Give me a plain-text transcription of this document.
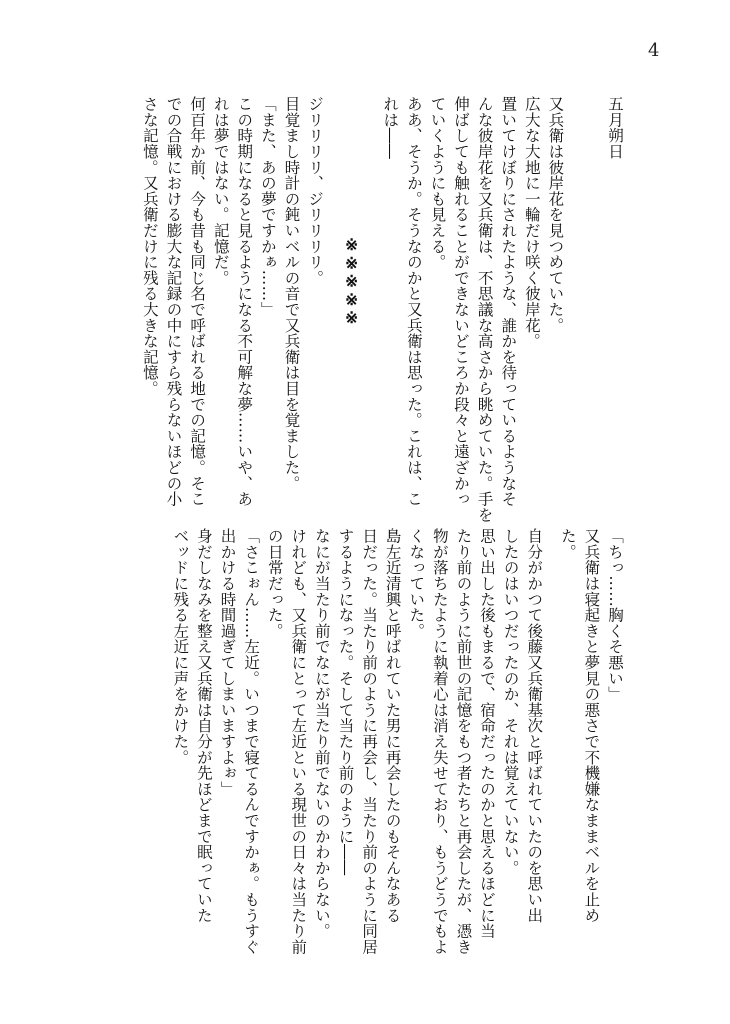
4
五月朔日
又兵衛は彼岸花を見つめていた。
広大な大地に一輪だけ咲く彼岸花。
置いてけぼりにされたような、誰かを待っているようなそ
んな彼岸花を又兵衛は、不思議な高さから眺めていた。手を
伸ばしても触れることができないどころか段々と遠ざかっ
ていくようにも見える。
ああ、そうか。そうなのかと又兵衛は思った。これは、こ
れは――
※※※※※
ジリリリリ、ジリリリリ。
目覚まし時計の鈍いベルの音で又兵衛は目を覚ました。
「また、あの夢ですかぁ……」
この時期になると見るようになる不可解な夢……いや、あ
れは夢ではない。記憶だ。
何百年か前、今も昔も同じ名で呼ばれる地での記憶。そこ
での合戦における膨大な記録の中にすら残らないほどの小
さな記憶。又兵衛だけに残る大きな記憶。
「ちっ……胸くそ悪い」
又兵衛は寝起きと夢見の悪さで不機嫌なままベルを止め
た。
自分がかつて後藤又兵衛基次と呼ばれていたのを思い出
したのはいつだったのか、それは覚えていない。
思い出した後もまるで、宿命だったのかと思えるほどに当
たり前のように前世の記憶をもつ者たちと再会したが、憑き
物が落ちたように執着心は消え失せており、もうどうでもよ
くなっていた。
島左近清興と呼ばれていた男に再会したのもそんなある
日だった。当たり前のように再会し、当たり前のように同居
するようになった。そして当たり前のように――
なにが当たり前でなにが当たり前でないのかわからない。
けれども、又兵衛にとって左近といる現世の日々は当たり前
の日常だった。
「さこぉん……左近。いつまで寝てるんですかぁ。もうすぐ
出かける時間過ぎてしまいますよぉ」
身だしなみを整え又兵衛は自分が先ほどまで眠っていた
ベッドに残る左近に声をかけた。
